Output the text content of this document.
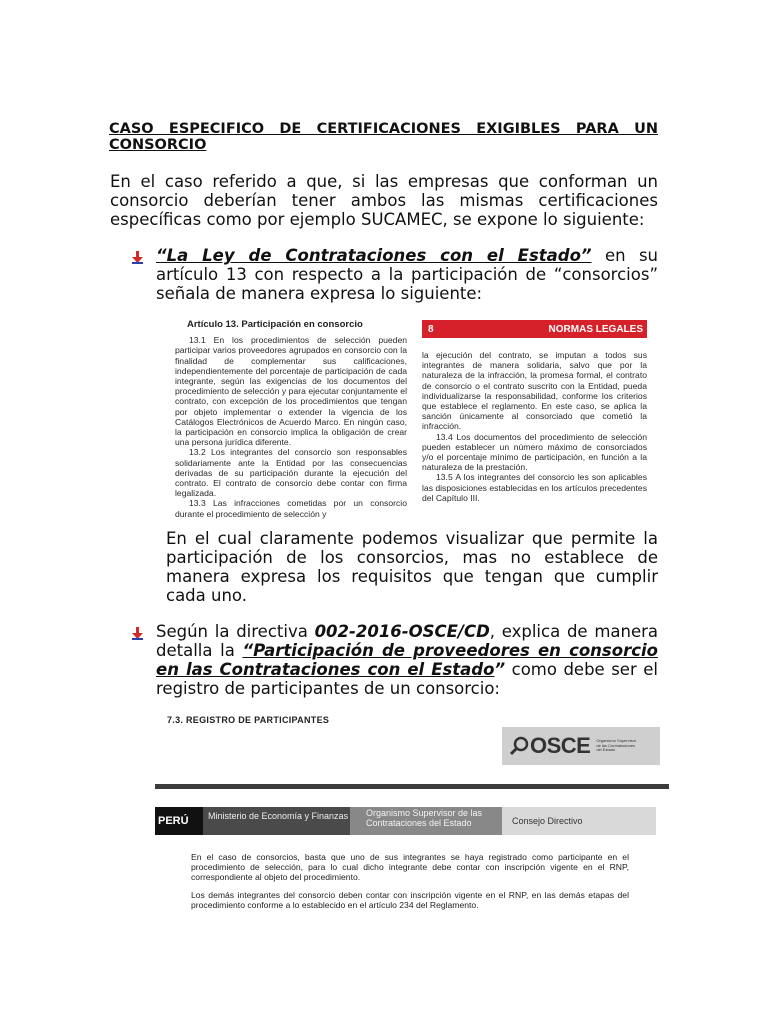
CASO ESPECIFICO DE CERTIFICACIONES EXIGIBLES PARA UN CONSORCIO
En el caso referido a que, si las empresas que conforman un consorcio deberían tener ambos las mismas certificaciones específicas como por ejemplo SUCAMEC, se expone lo siguiente:
“La Ley de Contrataciones con el Estado” en su artículo 13 con respecto a la participación de “consorcios” señala de manera expresa lo siguiente:
Artículo 13. Participación en consorcio
13.1 En los procedimientos de selección pueden participar varios proveedores agrupados en consorcio con la finalidad de complementar sus calificaciones, independientemente del porcentaje de participación de cada integrante, según las exigencias de los documentos del procedimiento de selección y para ejecutar conjuntamente el contrato, con excepción de los procedimientos que tengan por objeto implementar o extender la vigencia de los Catálogos Electrónicos de Acuerdo Marco. En ningún caso, la participación en consorcio implica la obligación de crear una persona jurídica diferente.
13.2 Los integrantes del consorcio son responsables solidariamente ante la Entidad por las consecuencias derivadas de su participación durante la ejecución del contrato. El contrato de consorcio debe contar con firma legalizada.
13.3 Las infracciones cometidas por un consorcio durante el procedimiento de selección y
8	NORMAS LEGALES
la ejecución del contrato, se imputan a todos sus integrantes de manera solidaria, salvo que por la naturaleza de la infracción, la promesa formal, el contrato de consorcio o el contrato suscrito con la Entidad, pueda individualizarse la responsabilidad, conforme los criterios que establece el reglamento. En este caso, se aplica la sanción únicamente al consorciado que cometió la infracción.
13.4 Los documentos del procedimiento de selección pueden establecer un número máximo de consorciados y/o el porcentaje mínimo de participación, en función a la naturaleza de la prestación.
13.5 A los integrantes del consorcio les son aplicables las disposiciones establecidas en los artículos precedentes del Capítulo III.
En el cual claramente podemos visualizar que permite la participación de los consorcios, mas no establece de manera expresa los requisitos que tengan que cumplir cada uno.
Según la directiva 002-2016-OSCE/CD, explica de manera detalla la “Participación de proveedores en consorcio en las Contrataciones con el Estado” como debe ser el registro de participantes de un consorcio:
7.3. REGISTRO DE PARTICIPANTES
OSCE Organismo Supervisor de las Contrataciones del Estado
PERÚ	Ministerio de Economía y Finanzas	Organismo Supervisor de las Contrataciones del Estado	Consejo Directivo

En el caso de consorcios, basta que uno de sus integrantes se haya registrado como participante en el procedimiento de selección, para lo cual dicho integrante debe contar con inscripción vigente en el RNP, correspondiente al objeto del procedimiento.

Los demás integrantes del consorcio deben contar con inscripción vigente en el RNP, en las demás etapas del procedimiento conforme a lo establecido en el artículo 234 del Reglamento.
